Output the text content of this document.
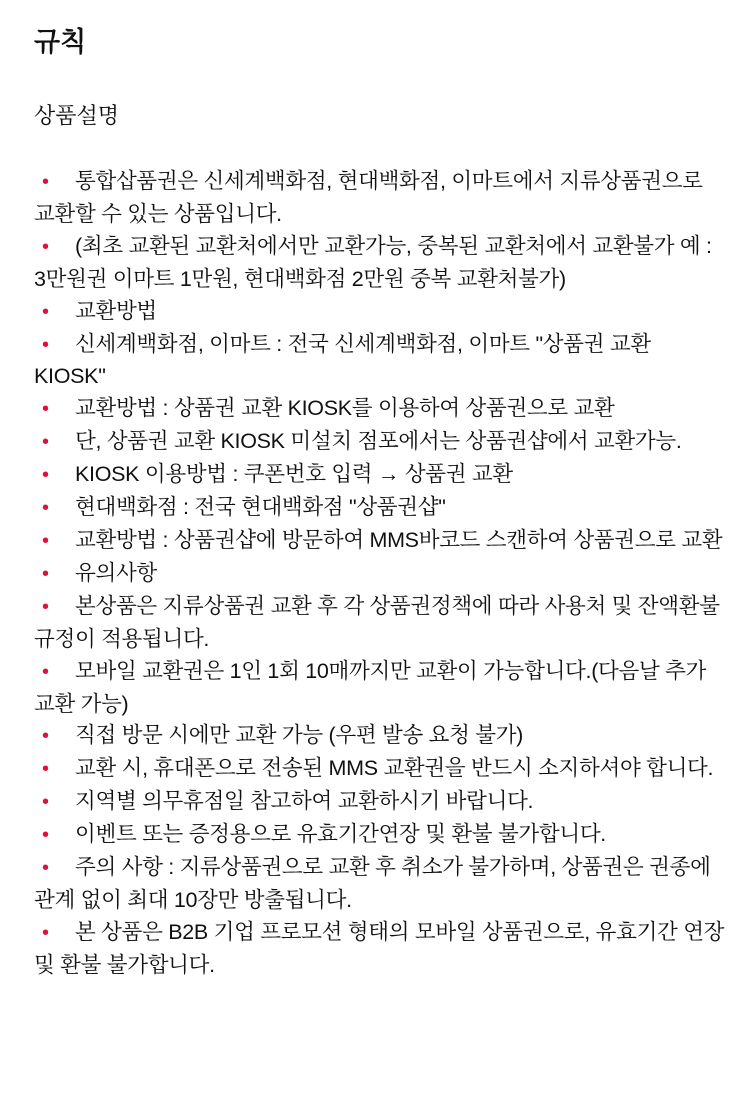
규칙
상품설명
• 통합삽품권은 신세계백화점, 현대백화점, 이마트에서 지류상품권으로 교환할 수 있는 상품입니다.
• (최초 교환된 교환처에서만 교환가능, 중복된 교환처에서 교환불가 예 : 3만원권 이마트 1만원, 현대백화점 2만원 중복 교환처불가)
• 교환방법
• 신세계백화점, 이마트 : 전국 신세계백화점, 이마트 "상품권 교환 KIOSK"
• 교환방법 : 상품권 교환 KIOSK를 이용하여 상품권으로 교환
• 단, 상품권 교환 KIOSK 미설치 점포에서는 상품권샵에서 교환가능.
• KIOSK 이용방법 : 쿠폰번호 입력 → 상품권 교환
• 현대백화점 : 전국 현대백화점 "상품권샵"
• 교환방법 : 상품권샵에 방문하여 MMS바코드 스캔하여 상품권으로 교환
• 유의사항
• 본상품은 지류상품권 교환 후 각 상품권정책에 따라 사용처 및 잔액환불규정이 적용됩니다.
• 모바일 교환권은 1인 1회 10매까지만 교환이 가능합니다.(다음날 추가 교환 가능)
• 직접 방문 시에만 교환 가능 (우편 발송 요청 불가)
• 교환 시, 휴대폰으로 전송된 MMS 교환권을 반드시 소지하셔야 합니다.
• 지역별 의무휴점일 참고하여 교환하시기 바랍니다.
• 이벤트 또는 증정용으로 유효기간연장 및 환불 불가합니다.
• 주의 사항 : 지류상품권으로 교환 후 취소가 불가하며, 상품권은 권종에 관계 없이 최대 10장만 방출됩니다.
• 본 상품은 B2B 기업 프로모션 형태의 모바일 상품권으로, 유효기간 연장 및 환불 불가합니다.
